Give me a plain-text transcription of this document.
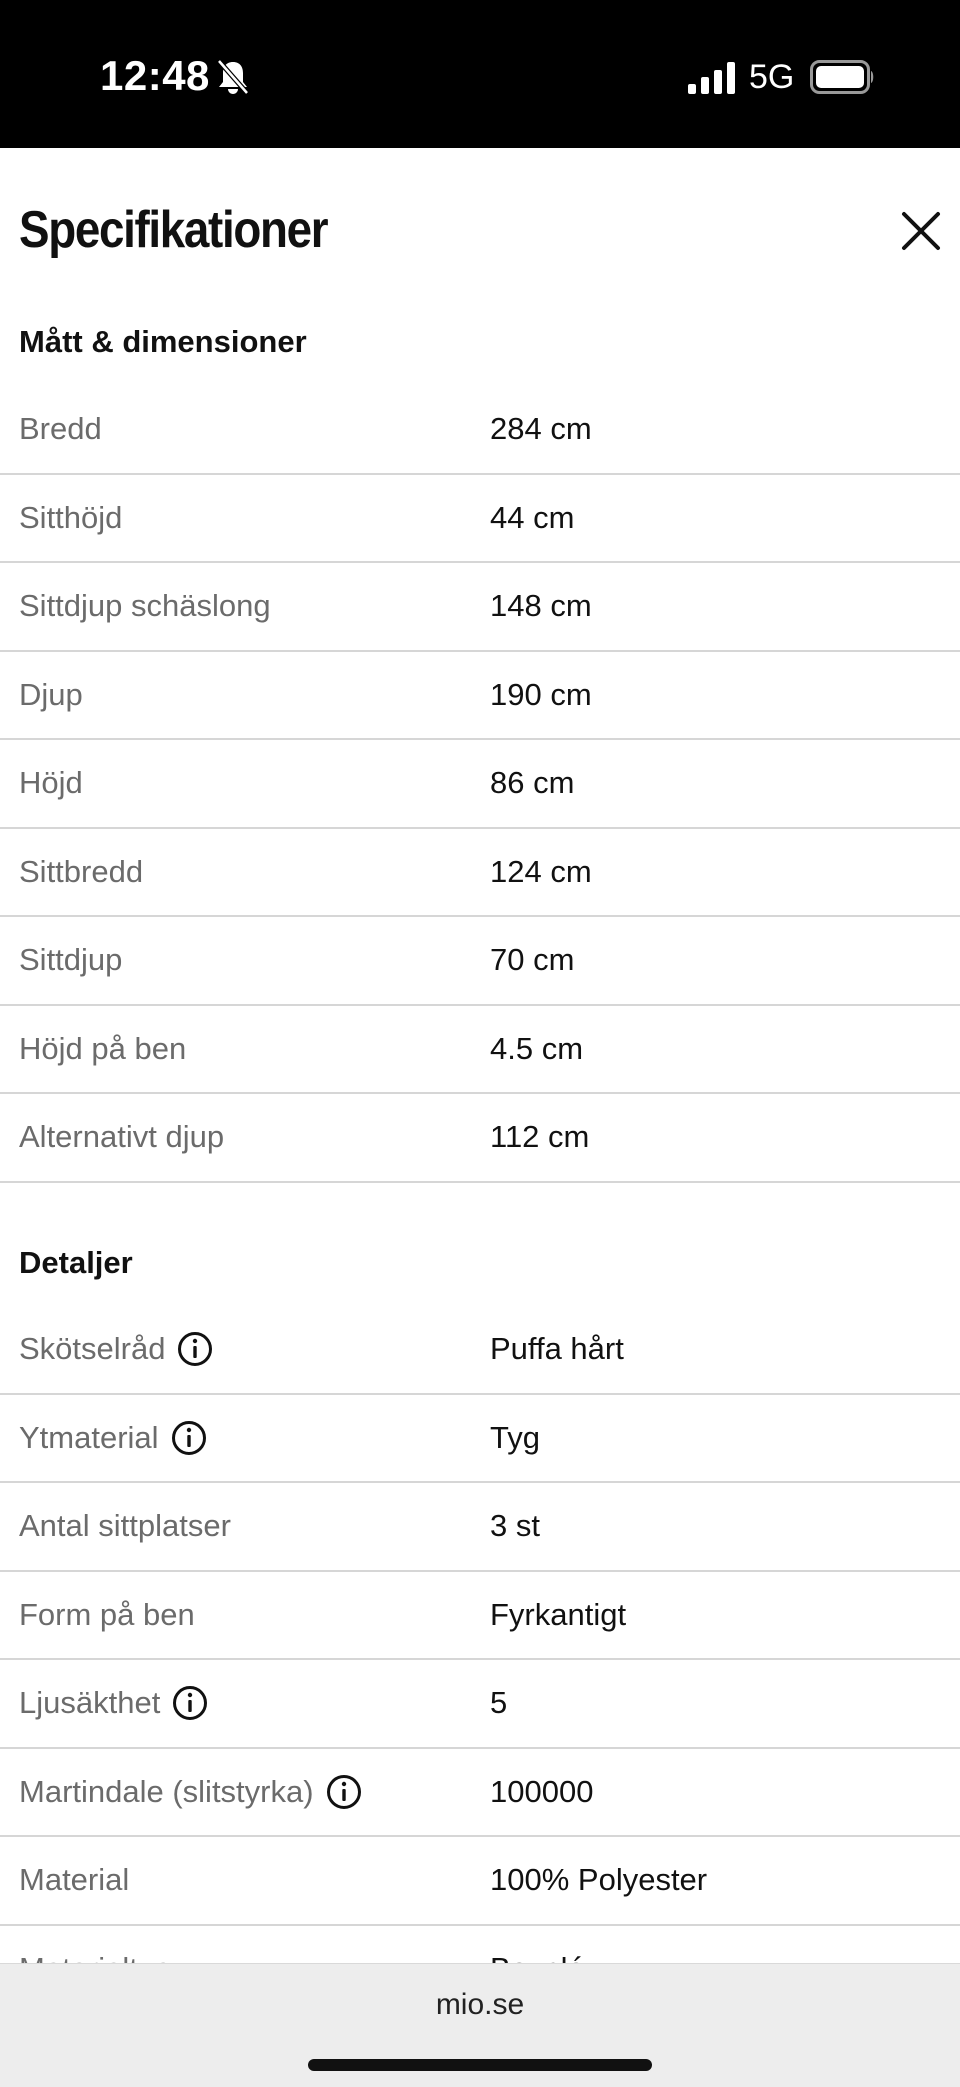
12:48	5G
Specifikationer
Mått & dimensioner
Bredd	284 cm
Sitthöjd	44 cm
Sittdjup schäslong	148 cm
Djup	190 cm
Höjd	86 cm
Sittbredd	124 cm
Sittdjup	70 cm
Höjd på ben	4.5 cm
Alternativt djup	112 cm
Detaljer
Skötselråd	Puffa hårt
Ytmaterial	Tyg
Antal sittplatser	3 st
Form på ben	Fyrkantigt
Ljusäkthet	5
Martindale (slitstyrka)	100000
Material	100% Polyester
mio.se
